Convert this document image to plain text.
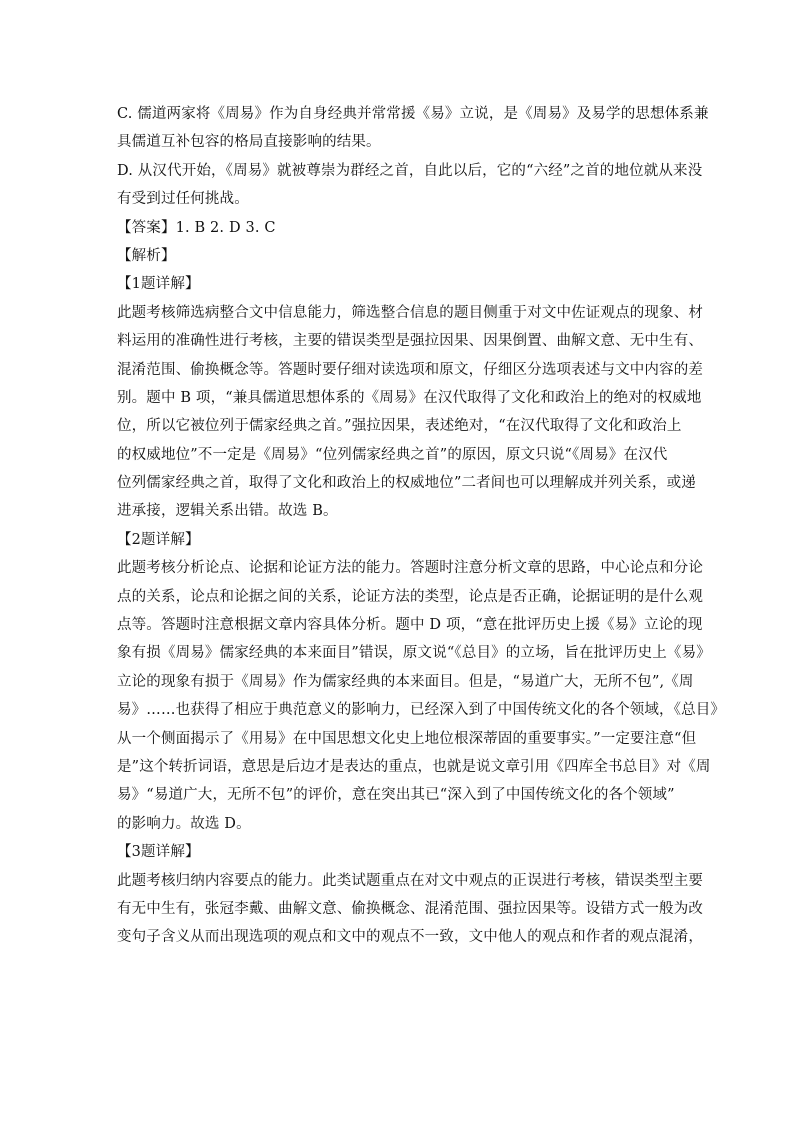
C. 儒道两家将《周易》作为自身经典并常常援《易》立说，是《周易》及易学的思想体系兼
具儒道互补包容的格局直接影响的结果。
D. 从汉代开始，《周易》就被尊崇为群经之首，自此以后，它的“六经”之首的地位就从来没
有受到过任何挑战。
【答案】1. B 2. D 3. C
【解析】
【1题详解】
此题考核筛选病整合文中信息能力，筛选整合信息的题目侧重于对文中佐证观点的现象、材
料运用的准确性进行考核，主要的错误类型是强拉因果、因果倒置、曲解文意、无中生有、
混淆范围、偷换概念等。答题时要仔细对读选项和原文，仔细区分选项表述与文中内容的差
别。题中 B 项，“兼具儒道思想体系的《周易》在汉代取得了文化和政治上的绝对的权威地
位，所以它被位列于儒家经典之首。”强拉因果，表述绝对，“在汉代取得了文化和政治上
的权威地位”不一定是《周易》“位列儒家经典之首”的原因，原文只说“《周易》在汉代
位列儒家经典之首，取得了文化和政治上的权威地位”二者间也可以理解成并列关系，或递
进承接，逻辑关系出错。故选 B。
【2题详解】
此题考核分析论点、论据和论证方法的能力。答题时注意分析文章的思路，中心论点和分论
点的关系，论点和论据之间的关系，论证方法的类型，论点是否正确，论据证明的是什么观
点等。答题时注意根据文章内容具体分析。题中 D 项，“意在批评历史上援《易》立论的现
象有损《周易》儒家经典的本来面目”错误，原文说“《总目》的立场，旨在批评历史上《易》
立论的现象有损于《周易》作为儒家经典的本来面目。但是，“易道广大，无所不包”,《周
易》……也获得了相应于典范意义的影响力，已经深入到了中国传统文化的各个领域，《总目》
从一个侧面揭示了《用易》在中国思想文化史上地位根深蒂固的重要事实。”一定要注意“但
是”这个转折词语，意思是后边才是表达的重点，也就是说文章引用《四库全书总目》对《周
易》“易道广大，无所不包”的评价，意在突出其已“深入到了中国传统文化的各个领域”
的影响力。故选 D。
【3题详解】
此题考核归纳内容要点的能力。此类试题重点在对文中观点的正误进行考核，错误类型主要
有无中生有，张冠李戴、曲解文意、偷换概念、混淆范围、强拉因果等。设错方式一般为改
变句子含义从而出现选项的观点和文中的观点不一致，文中他人的观点和作者的观点混淆，
